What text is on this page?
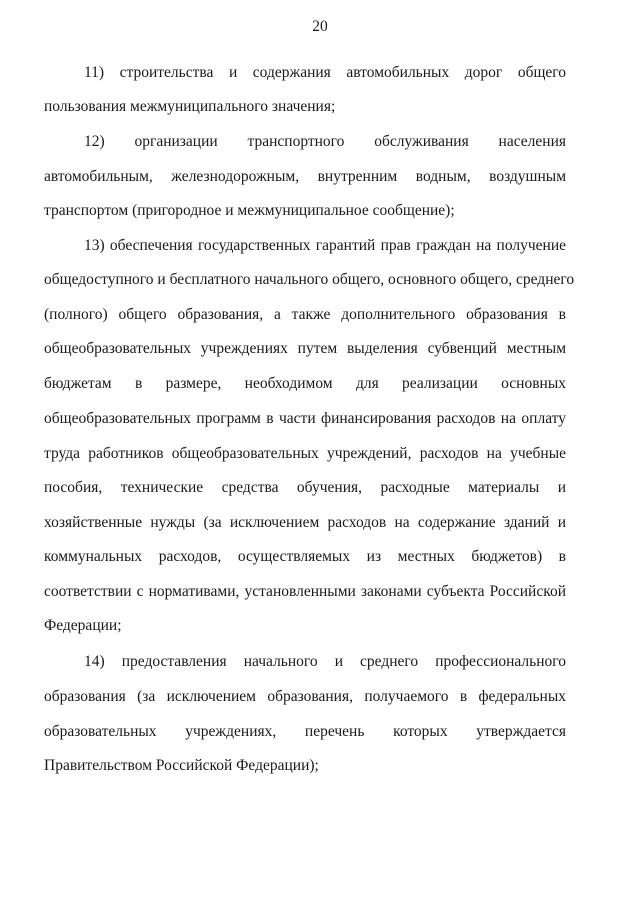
20
11) строительства и содержания автомобильных дорог общего
пользования межмуниципального значения;
12) организации транспортного обслуживания населения
автомобильным, железнодорожным, внутренним водным, воздушным
транспортом (пригородное и межмуниципальное сообщение);
13) обеспечения государственных гарантий прав граждан на получение
общедоступного и бесплатного начального общего, основного общего, среднего
(полного) общего образования, а также дополнительного образования в
общеобразовательных учреждениях путем выделения субвенций местным
бюджетам в размере, необходимом для реализации основных
общеобразовательных программ в части финансирования расходов на оплату
труда работников общеобразовательных учреждений, расходов на учебные
пособия, технические средства обучения, расходные материалы и
хозяйственные нужды (за исключением расходов на содержание зданий и
коммунальных расходов, осуществляемых из местных бюджетов) в
соответствии с нормативами, установленными законами субъекта Российской
Федерации;
14) предоставления начального и среднего профессионального
образования (за исключением образования, получаемого в федеральных
образовательных учреждениях, перечень которых утверждается
Правительством Российской Федерации);
